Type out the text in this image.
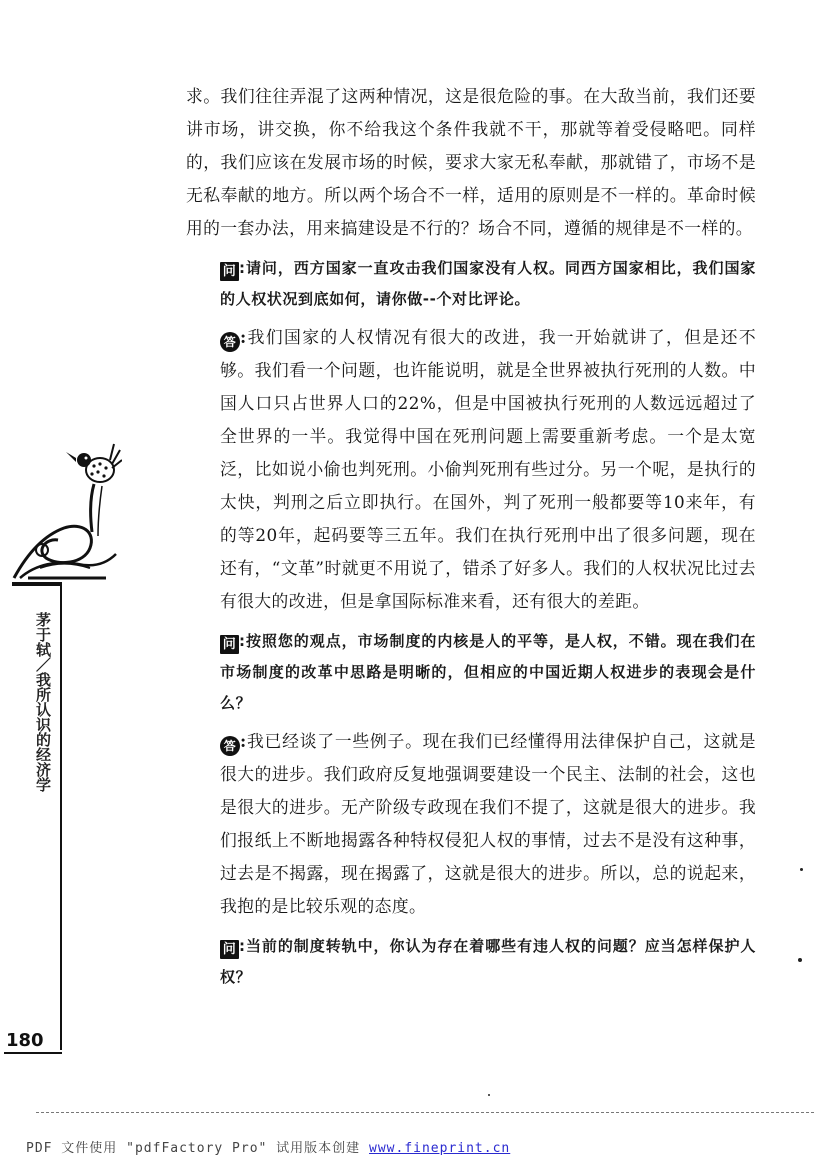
茅于轼／我所认识的经济学
180

求。我们往往弄混了这两种情况，这是很危险的事。在大敌当前，我们还要讲市场，讲交换，你不给我这个条件我就不干，那就等着受侵略吧。同样的，我们应该在发展市场的时候，要求大家无私奉献，那就错了，市场不是无私奉献的地方。所以两个场合不一样，适用的原则是不一样的。革命时候用的一套办法，用来搞建设是不行的？场合不同，遵循的规律是不一样的。

问 :请问，西方国家一直攻击我们国家没有人权。同西方国家相比，我们国家的人权状况到底如何，请你做--个对比评论。

答 :我们国家的人权情况有很大的改进，我一开始就讲了，但是还不够。我们看一个问题，也许能说明，就是全世界被执行死刑的人数。中国人口只占世界人口的22%，但是中国被执行死刑的人数远远超过了全世界的一半。我觉得中国在死刑问题上需要重新考虑。一个是太宽泛，比如说小偷也判死刑。小偷判死刑有些过分。另一个呢，是执行的太快，判刑之后立即执行。在国外，判了死刑一般都要等10来年，有的等20年，起码要等三五年。我们在执行死刑中出了很多问题，现在还有，“文革”时就更不用说了，错杀了好多人。我们的人权状况比过去有很大的改进，但是拿国际标准来看，还有很大的差距。

问 :按照您的观点，市场制度的内核是人的平等，是人权，不错。现在我们在市场制度的改革中思路是明晰的，但相应的中国近期人权进步的表现会是什么？

答 :我已经谈了一些例子。现在我们已经懂得用法律保护自己，这就是很大的进步。我们政府反复地强调要建设一个民主、法制的社会，这也是很大的进步。无产阶级专政现在我们不提了，这就是很大的进步。我们报纸上不断地揭露各种特权侵犯人权的事情，过去不是没有这种事，过去是不揭露，现在揭露了，这就是很大的进步。所以，总的说起来，我抱的是比较乐观的态度。

问 :当前的制度转轨中，你认为存在着哪些有违人权的问题？应当怎样保护人权？

PDF 文件使用 "pdfFactory Pro" 试用版本创建 www.fineprint.cn
